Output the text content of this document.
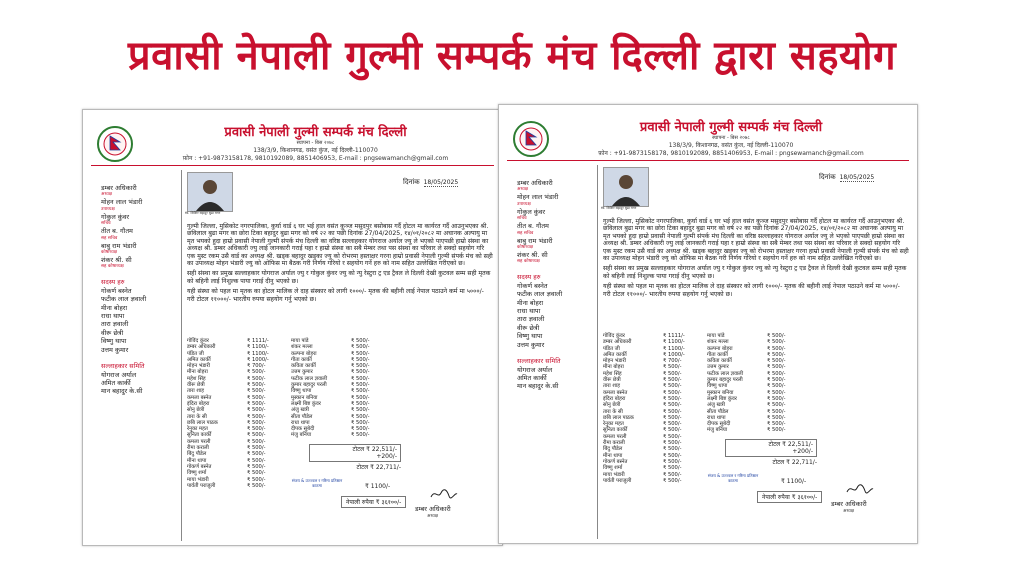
प्रवासी नेपाली गुल्मी सम्पर्क मंच दिल्ली द्वारा सहयोग
प्रवासी नेपाली गुल्मी सम्पर्क मंच दिल्ली
स्थापना - बिस २०७८
138/3/9, किशानगढ, वसंत कुंज, नई दिल्ली-110070
फ़ोन : +91-9873158178, 9810192089, 8851406953, E-mail : pngsewamanch@gmail.com
डम्बर अधिकारी
अध्यक्ष
मोहन लाल भंडारी
उपाध्यक्ष
गोकुल कुंवर
सचिव
तीत ब. गौतम
सह सचिव
बाबु राम भंडारी
कोषाध्यक्ष
शंकर श्री. सी
सह कोषाध्यक्ष
सदस्य हरु
गोकर्ण बस्नेत
फटीक लाल ज्ञवाली
मीना बोहरा
राधा थापा
तारा ज्ञवाली
वीरू छेत्री
विष्णु थापा
उत्तम कुमार
सल्लाहकार समिति
योगराज अर्याल
अमित कार्की
मान बहादुर के.सी
दिनांक 18/05/2025
स्व. शिशिर बहादुर बुढा मगर

गुल्मी जिल्ला, मुसिकोट नगरपालिका, कुर्घा वार्ड ६ घर भई हाल वसंत कुञ्ज मसुदपुर बसोबास गर्दै होटल मा कार्यरत गर्दै आउनुभएका श्री. छविलाल बुढा मगर का छोरा टिका बहादुर बुढा मगर को वर्ष २२ का पछी दिनांक 27/04/2025, १४/०१/२०८२ मा अचानक अल्पायु मा मृत भयको हुदा हाम्रो प्रवासी नेपाली गुल्मी संपर्क मंच दिल्ली का वरिष्ठ सल्लाहकार योगराज अर्याल ज्यु ले भएको पाएपछी हाम्रो संस्था का अध्यक्ष श्री. डम्बर अधिकारी ज्यु लाई जानकारी गराई यहा र हाम्रो संस्था का सबै मेम्बर तथा पस संस्था का परिवार ले सक्दो सहयोग गरि एक मुस्ट रकम उसै वार्ड का अध्यक्ष श्री. खड्क बहादुर खड्का ज्यु को रोभरमा हस्ताक्षर गरना हाम्रो प्रवासी नेपाली गुल्मी संपर्क मंच को सही का उपाध्यक्ष मोहन भंडारी ज्यु को ओफिस मा बैठक गरी निर्णय गरियो र सहयोग गर्ने हरु को नाम सहित उल्लेखित गरीएको छ।

सही संस्था का प्रमुख सल्लाहकार योगराज अर्याल ज्यु र गोकुल कुंवर ज्यु को न्यु रेस्टुरा ट्र एड ट्रैवल ले दिल्ली देखी कुटवल सम्म सही मृतक को बहिनी लाई निशुल्क पाया गराई दीनु भएको छ।

यही संस्था को पहल मा मृतक का होटल मालिक ले दाह संस्कार को लागी १०००/- मृतक की बहीनी लाई नेपाल पठाउने कर्म मा ५०००/- गरी टोटल ११०००/- भारतीय रुपया सहयोग गर्नु भएको छ।

गोविंद कुंवर	₹ 1111/-
डम्बर अधिकारी	₹ 1100/-
पंडित जी	₹ 1100/-
अमित कार्की	₹ 1000/-
मोहन भंडारी	₹ 700/-
मीना बोहरा	₹ 500/-
महेश सिंह	₹ 500/-
वीरू छेत्री	₹ 500/-
तारा शाह	₹ 500/-
कमला बस्नेत	₹ 500/-
इंदिरा बोहरा	₹ 500/-
सोनु छेत्री	₹ 500/-
तारा के सी	₹ 500/-
छबि लाल पाठक	₹ 500/-
रेनुका महत	₹ 500/-
सुनिता कार्की	₹ 500/-
कमला परली	₹ 500/-
रीमा कराली	₹ 500/-
बिंदु पौडेल	₹ 500/-
मीना थापा	₹ 500/-
गोकर्ण बस्नेत	₹ 500/-
विष्णु शर्मा	₹ 500/-
माया भंडारी	₹ 500/-
पार्वती पराजुली	₹ 500/-
माया पांडे	₹ 500/-
शंकर मल्ला	₹ 500/-
कल्पना बोहरा	₹ 500/-
गीता कार्की	₹ 500/-
कविता कार्की	₹ 500/-
उत्तम कुमार	₹ 500/-
फटीक लाल ज्ञवाली	₹ 500/-
कुमार बहादुर परली	₹ 500/-
विष्णु थापा	₹ 500/-
मुस्कान बनिया	₹ 500/-
लक्ष्मी बिष्ट कुंवर	₹ 500/-
अंजु खत्री	₹ 500/-
सीता पौडेल	₹ 500/-
राधा थापा	₹ 500/-
दीपक सुबेदी	₹ 500/-
मंजु बनिया	₹ 500/-
टोटल ₹ 22,511/-
+200/-
टोटल ₹ 22,711/-
संजय & उज्ज्वल र गरिमा प्रतिष्ठान काठमा	₹ 1100/-
नेपाली रुपैया ₹ ३६१००/-
डम्बर अधिकारी
अध्यक्ष
प्रवासी नेपाली गुल्मी सम्पर्क मंच दिल्ली
स्थापना - बिस २०७८
138/3/9, किशानगढ, वसंत कुंज, नई दिल्ली-110070
फ़ोन : +91-9873158178, 9810192089, 8851406953, E-mail : pngsewamanch@gmail.com
डम्बर अधिकारी
अध्यक्ष
मोहन लाल भंडारी
उपाध्यक्ष
गोकुल कुंवर
सचिव
तीत ब. गौतम
सह सचिव
बाबु राम भंडारी
कोषाध्यक्ष
शंकर श्री. सी
सह कोषाध्यक्ष
सदस्य हरु
गोकर्ण बस्नेत
फटीक लाल ज्ञवाली
मीना बोहरा
राधा थापा
तारा ज्ञवाली
वीरू छेत्री
विष्णु थापा
उत्तम कुमार
सल्लाहकार समिति
योगराज अर्याल
अमित कार्की
मान बहादुर के.सी
दिनांक 18/05/2025
स्व. शिशिर बहादुर बुढा मगर

गुल्मी जिल्ला, मुसिकोट नगरपालिका, कुर्घा वार्ड ६ घर भई हाल वसंत कुञ्ज मसुदपुर बसोबास गर्दै होटल मा कार्यरत गर्दै आउनुभएका श्री. छविलाल बुढा मगर का छोरा टिका बहादुर बुढा मगर को वर्ष २२ का पछी दिनांक 27/04/2025, १४/०१/२०८२ मा अचानक अल्पायु मा मृत भयको हुदा हाम्रो प्रवासी नेपाली गुल्मी संपर्क मंच दिल्ली का वरिष्ठ सल्लाहकार योगराज अर्याल ज्यु ले भएको पाएपछी हाम्रो संस्था का अध्यक्ष श्री. डम्बर अधिकारी ज्यु लाई जानकारी गराई यहा र हाम्रो संस्था का सबै मेम्बर तथा पस संस्था का परिवार ले सक्दो सहयोग गरि एक मुस्ट रकम उसै वार्ड का अध्यक्ष श्री. खड्क बहादुर खड्का ज्यु को रोभरमा हस्ताक्षर गरना हाम्रो प्रवासी नेपाली गुल्मी संपर्क मंच को सही का उपाध्यक्ष मोहन भंडारी ज्यु को ओफिस मा बैठक गरी निर्णय गरियो र सहयोग गर्ने हरु को नाम सहित उल्लेखित गरीएको छ।

सही संस्था का प्रमुख सल्लाहकार योगराज अर्याल ज्यु र गोकुल कुंवर ज्यु को न्यु रेस्टुरा ट्र एड ट्रैवल ले दिल्ली देखी कुटवल सम्म सही मृतक को बहिनी लाई निशुल्क पाया गराई दीनु भएको छ।

यही संस्था को पहल मा मृतक का होटल मालिक ले दाह संस्कार को लागी १०००/- मृतक की बहीनी लाई नेपाल पठाउने कर्म मा ५०००/- गरी टोटल ११०००/- भारतीय रुपया सहयोग गर्नु भएको छ।

गोविंद कुंवर	₹ 1111/-
डम्बर अधिकारी	₹ 1100/-
पंडित जी	₹ 1100/-
अमित कार्की	₹ 1000/-
मोहन भंडारी	₹ 700/-
मीना बोहरा	₹ 500/-
महेश सिंह	₹ 500/-
वीरू छेत्री	₹ 500/-
तारा शाह	₹ 500/-
कमला बस्नेत	₹ 500/-
इंदिरा बोहरा	₹ 500/-
सोनु छेत्री	₹ 500/-
तारा के सी	₹ 500/-
छबि लाल पाठक	₹ 500/-
रेनुका महत	₹ 500/-
सुनिता कार्की	₹ 500/-
कमला परली	₹ 500/-
रीमा कराली	₹ 500/-
बिंदु पौडेल	₹ 500/-
मीना थापा	₹ 500/-
गोकर्ण बस्नेत	₹ 500/-
विष्णु शर्मा	₹ 500/-
माया भंडारी	₹ 500/-
पार्वती पराजुली	₹ 500/-
माया पांडे	₹ 500/-
शंकर मल्ला	₹ 500/-
कल्पना बोहरा	₹ 500/-
गीता कार्की	₹ 500/-
कविता कार्की	₹ 500/-
उत्तम कुमार	₹ 500/-
फटीक लाल ज्ञवाली	₹ 500/-
कुमार बहादुर परली	₹ 500/-
विष्णु थापा	₹ 500/-
मुस्कान बनिया	₹ 500/-
लक्ष्मी बिष्ट कुंवर	₹ 500/-
अंजु खत्री	₹ 500/-
सीता पौडेल	₹ 500/-
राधा थापा	₹ 500/-
दीपक सुबेदी	₹ 500/-
मंजु बनिया	₹ 500/-
टोटल ₹ 22,511/-
+200/-
टोटल ₹ 22,711/-
संजय & उज्ज्वल र गरिमा प्रतिष्ठान काठमा	₹ 1100/-
नेपाली रुपैया ₹ ३६१००/-
डम्बर अधिकारी
अध्यक्ष
